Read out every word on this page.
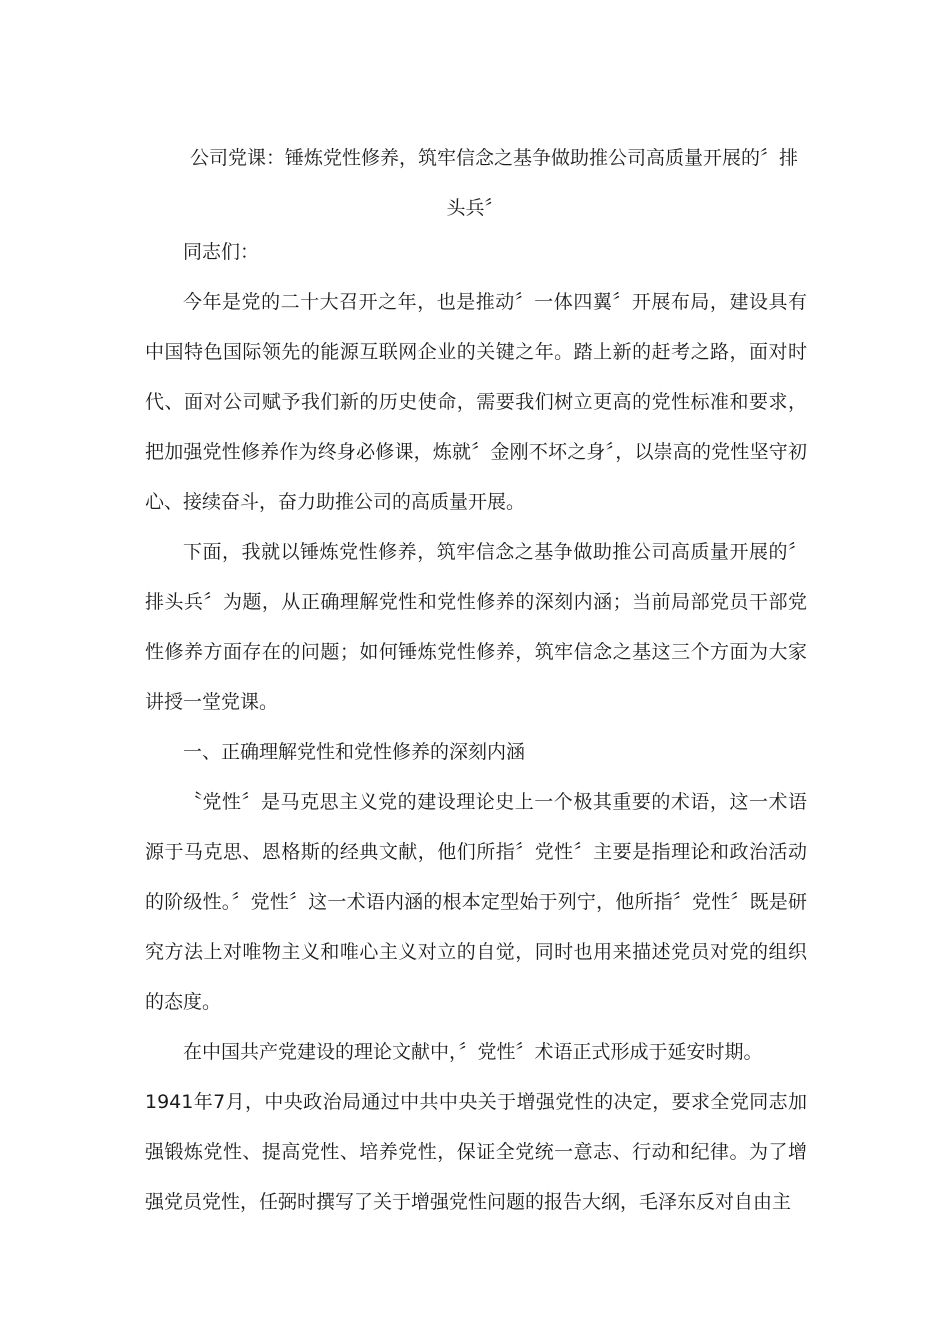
公司党课：锤炼党性修养，筑牢信念之基争做助推公司高质量开展的〞排头兵〞

同志们：

今年是党的二十大召开之年，也是推动〞一体四翼〞开展布局，建设具有中国特色国际领先的能源互联网企业的关键之年。踏上新的赶考之路，面对时代、面对公司赋予我们新的历史使命，需要我们树立更高的党性标准和要求，把加强党性修养作为终身必修课，炼就〞金刚不坏之身〞，以崇高的党性坚守初心、接续奋斗，奋力助推公司的高质量开展。

下面，我就以锤炼党性修养，筑牢信念之基争做助推公司高质量开展的〞排头兵〞为题，从正确理解党性和党性修养的深刻内涵；当前局部党员干部党性修养方面存在的问题；如何锤炼党性修养，筑牢信念之基这三个方面为大家讲授一堂党课。

一、正确理解党性和党性修养的深刻内涵

〝党性〞是马克思主义党的建设理论史上一个极其重要的术语，这一术语源于马克思、恩格斯的经典文献，他们所指〞党性〞主要是指理论和政治活动的阶级性。〞党性〞这一术语内涵的根本定型始于列宁，他所指〞党性〞既是研究方法上对唯物主义和唯心主义对立的自觉，同时也用来描述党员对党的组织的态度。

在中国共产党建设的理论文献中，〞党性〞术语正式形成于延安时期。

1941年7月，中央政治局通过中共中央关于增强党性的决定，要求全党同志加强锻炼党性、提高党性、培养党性，保证全党统一意志、行动和纪律。为了增强党员党性，任弼时撰写了关于增强党性问题的报告大纲，毛泽东反对自由主
